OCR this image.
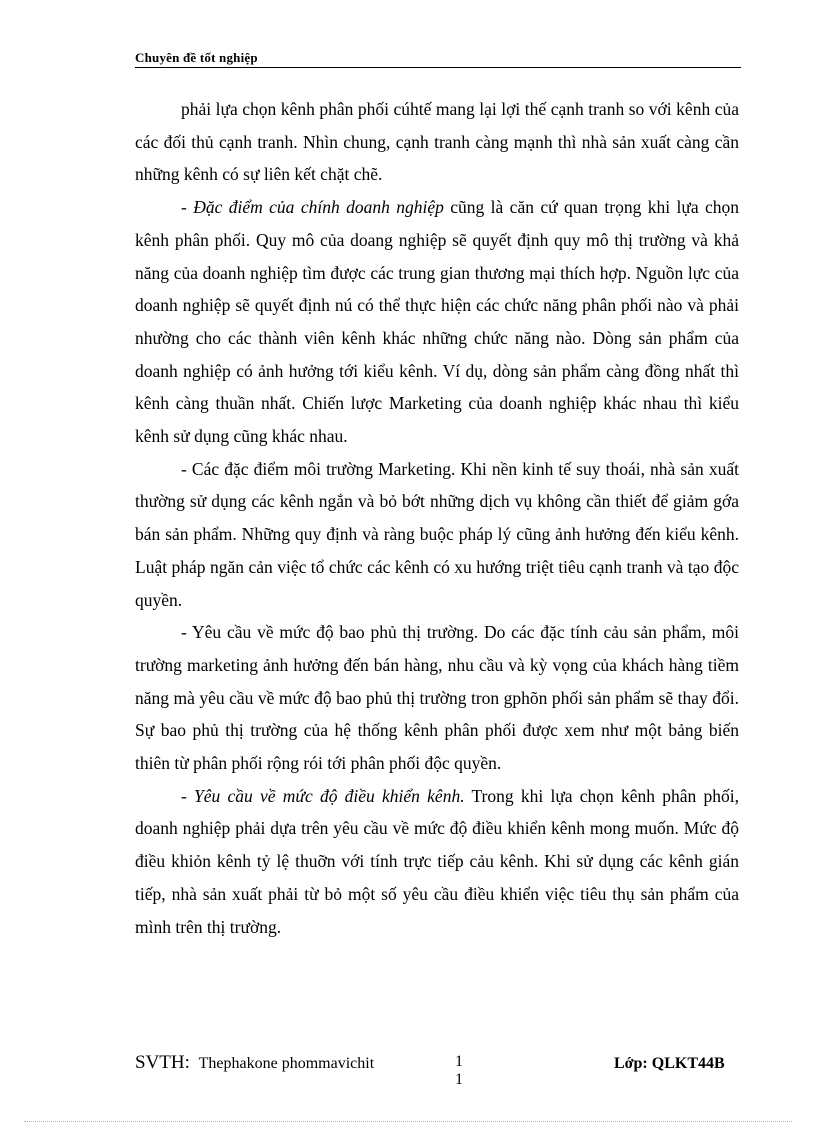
Chuyên đề tốt nghiệp

phải lựa chọn kênh phân phối cúhtế mang lại lợi thế cạnh tranh so với kênh của các đối thủ cạnh tranh. Nhìn chung, cạnh tranh càng mạnh thì nhà sản xuất càng cần những kênh có sự liên kết chặt chẽ.

- Đặc điểm của chính doanh nghiệp cũng là căn cứ quan trọng khi lựa chọn kênh phân phối. Quy mô của doang nghiệp sẽ quyết định quy mô thị trường và khả năng của doanh nghiệp tìm được các trung gian thương mại thích hợp. Nguồn lực của doanh nghiệp sẽ quyết định nú có thể thực hiện các chức năng phân phối nào và phải nhường cho các thành viên kênh khác những chức năng nào. Dòng sản phẩm của doanh nghiệp có ảnh hưởng tới kiểu kênh. Ví dụ, dòng sản phẩm càng đồng nhất thì kênh càng thuần nhất. Chiến lược Marketing của doanh nghiệp khác nhau thì kiểu kênh sử dụng cũng khác nhau.

- Các đặc điểm môi trường Marketing. Khi nền kinh tế suy thoái, nhà sản xuất thường sử dụng các kênh ngắn và bỏ bớt những dịch vụ không cần thiết để giảm gớa bán sản phẩm. Những quy định và ràng buộc pháp lý cũng ảnh hưởng đến kiểu kênh. Luật pháp ngăn cản việc tổ chức các kênh có xu hướng triệt tiêu cạnh tranh và tạo độc quyền.

- Yêu cầu về mức độ bao phủ thị trường. Do các đặc tính cảu sản phẩm, môi trường marketing ảnh hưởng đến bán hàng, nhu cầu và kỳ vọng của khách hàng tiềm năng mà yêu cầu về mức độ bao phủ thị trường tron gphõn phối sản phẩm sẽ thay đổi. Sự bao phủ thị trường của hệ thống kênh phân phối được xem như một bảng biến thiên từ phân phối rộng rói tới phân phối độc quyền.

- Yêu cầu về mức độ điều khiển kênh. Trong khi lựa chọn kênh phân phối, doanh nghiệp phải dựa trên yêu cầu về mức độ điều khiển kênh mong muốn. Mức độ điều khiỏn kênh tỷ lệ thuỡn với tính trực tiếp cảu kênh. Khi sử dụng các kênh gián tiếp, nhà sản xuất phải từ bỏ một số yêu cầu điều khiển việc tiêu thụ sản phẩm của mình trên thị trường.

SVTH: Thephakone phommavichit	1
1
Lớp: QLKT44B
